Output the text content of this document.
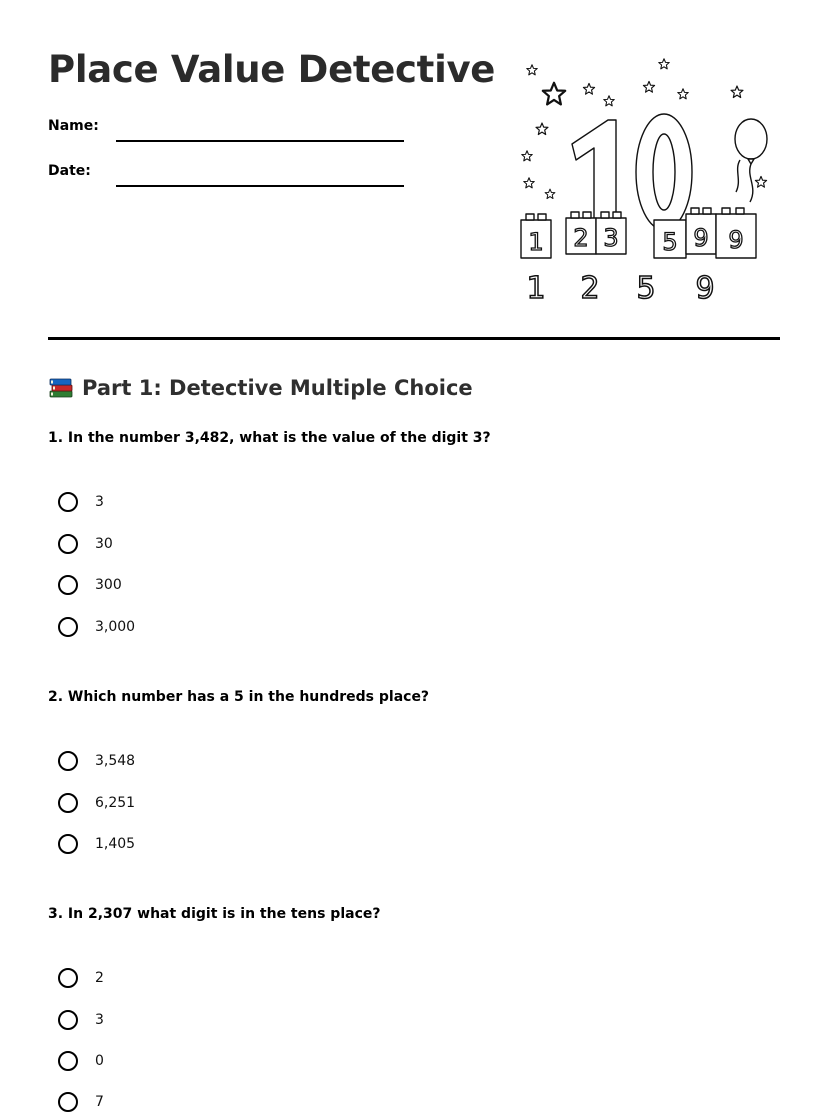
Place Value Detective
Name:
Date:
1 2 3 5 9 9
1 2 5 9
Part 1: Detective Multiple Choice

1. In the number 3,482, what is the value of the digit 3?

3
30
300
3,000

2. Which number has a 5 in the hundreds place?

3,548
6,251
1,405

3. In 2,307 what digit is in the tens place?

2
3
0
7
